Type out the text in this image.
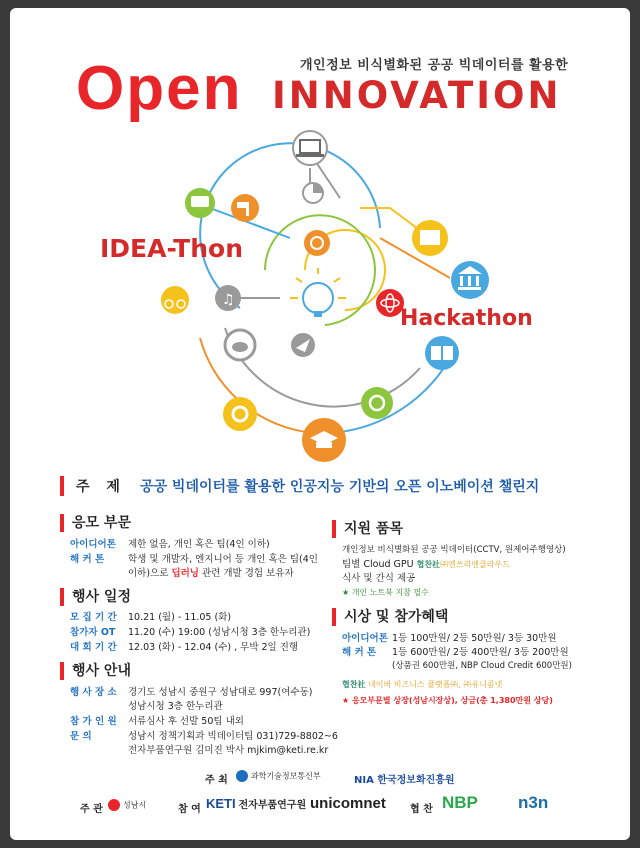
♫
개인정보 비식별화된 공공 빅데이터를 활용한
Open INNOVATION
IDEA-Thon
Hackathon
주 제 공공 빅데이터를 활용한 인공지능 기반의 오픈 이노베이션 챌린지
응모 부문
아이디어톤 제한 없음, 개인 혹은 팀(4인 이하)
해 커 톤	학생 및 개발자, 엔지니어 등 개인 혹은 팀(4인
이하)으로 딥러닝 관련 개발 경험 보유자
행사 일정
모 집 기 간 10.21 (월) - 11.05 (화)
참가자 OT 11.20 (수) 19:00 (성남시청 3층 한누리관)
대 회 기 간 12.03 (화) - 12.04 (수) , 무박 2일 진행
행사 안내
행 사 장 소 경기도 성남시 중원구 성남대로 997(여수동)
성남시청 3층 한누리관
참 가 인 원 서류심사 후 선발 50팀 내외
문 의	성남시 정책기획과 빅데이터팀 031)729-8802~6
전자부품연구원 김미진 박사 mjkim@keti.re.kr
지원 품목
개인정보 비식별화된 공공 빅데이터(CCTV, 원제어주행영상)
팀별 Cloud GPU 협찬社㈜엔쓰리엔클라우드
식사 및 간식 제공
★ 개인 노트북 지참 필수
시상 및 참가혜택
아이디어톤 1등 100만원/ 2등 50만원/ 3등 30만원
해 커 톤 1등 600만원/ 2등 400만원/ 3등 200만원
(상품권 600만원, NBP Cloud Credit 600만원)
협찬社 네이버 비즈니스 플랫폼㈜, ㈜유니콤넷
★ 응모부문별 상장(성남시장상), 상금(총 1,380만원 상당)
주 최	과학기술정보통신부	NIA 한국정보화진흥원
주 관	성남시	참 여 KETI 전자부품연구원 unicomnet 협 찬 NBP n3n
